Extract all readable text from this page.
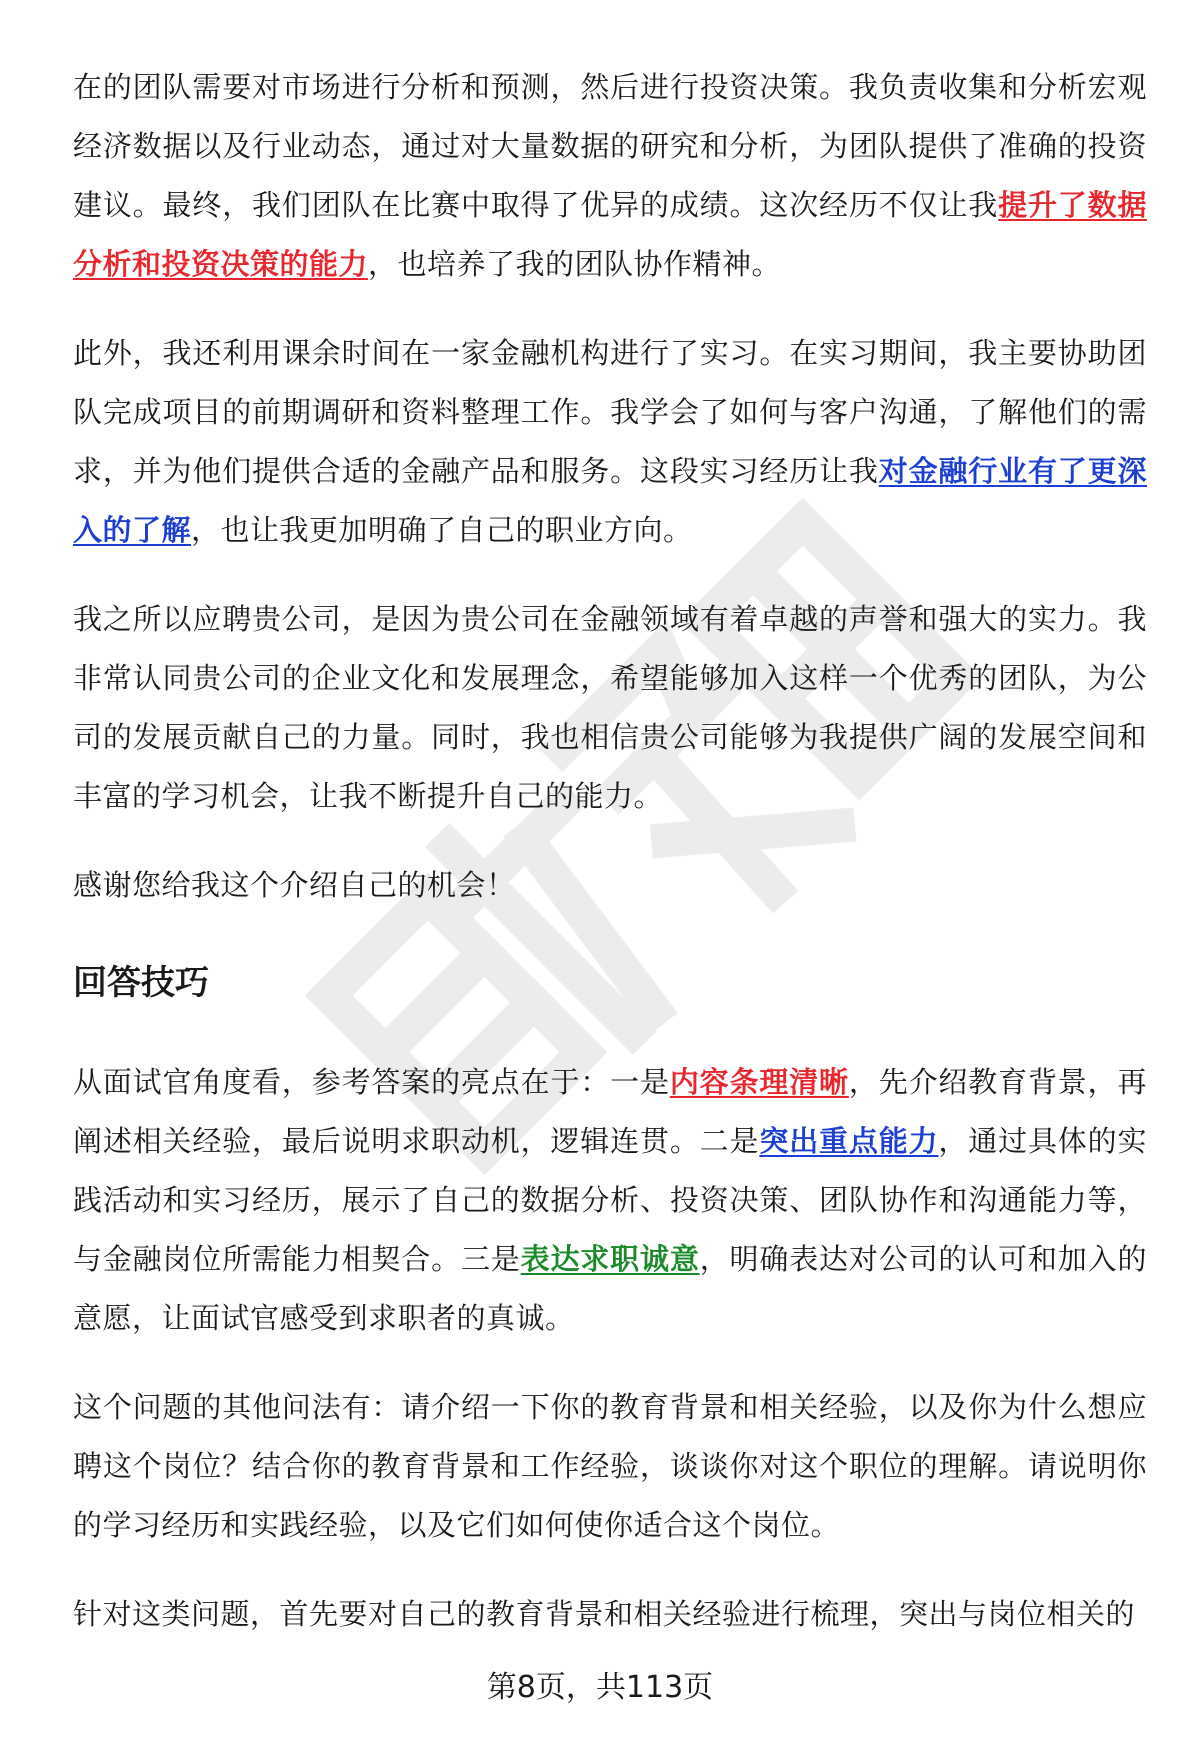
在的团队需要对市场进行分析和预测，然后进行投资决策。我负责收集和分析宏观经济数据以及行业动态，通过对大量数据的研究和分析，为团队提供了准确的投资建议。最终，我们团队在比赛中取得了优异的成绩。这次经历不仅让我提升了数据分析和投资决策的能力，也培养了我的团队协作精神。

此外，我还利用课余时间在一家金融机构进行了实习。在实习期间，我主要协助团队完成项目的前期调研和资料整理工作。我学会了如何与客户沟通，了解他们的需求，并为他们提供合适的金融产品和服务。这段实习经历让我对金融行业有了更深入的了解，也让我更加明确了自己的职业方向。

我之所以应聘贵公司，是因为贵公司在金融领域有着卓越的声誉和强大的实力。我非常认同贵公司的企业文化和发展理念，希望能够加入这样一个优秀的团队，为公司的发展贡献自己的力量。同时，我也相信贵公司能够为我提供广阔的发展空间和丰富的学习机会，让我不断提升自己的能力。

感谢您给我这个介绍自己的机会！

回答技巧

从面试官角度看，参考答案的亮点在于：一是内容条理清晰，先介绍教育背景，再阐述相关经验，最后说明求职动机，逻辑连贯。二是突出重点能力，通过具体的实践活动和实习经历，展示了自己的数据分析、投资决策、团队协作和沟通能力等，与金融岗位所需能力相契合。三是表达求职诚意，明确表达对公司的认可和加入的意愿，让面试官感受到求职者的真诚。

这个问题的其他问法有：请介绍一下你的教育背景和相关经验，以及你为什么想应聘这个岗位？结合你的教育背景和工作经验，谈谈你对这个职位的理解。请说明你的学习经历和实践经验，以及它们如何使你适合这个岗位。

针对这类问题，首先要对自己的教育背景和相关经验进行梳理，突出与岗位相关的

第8页，共113页
